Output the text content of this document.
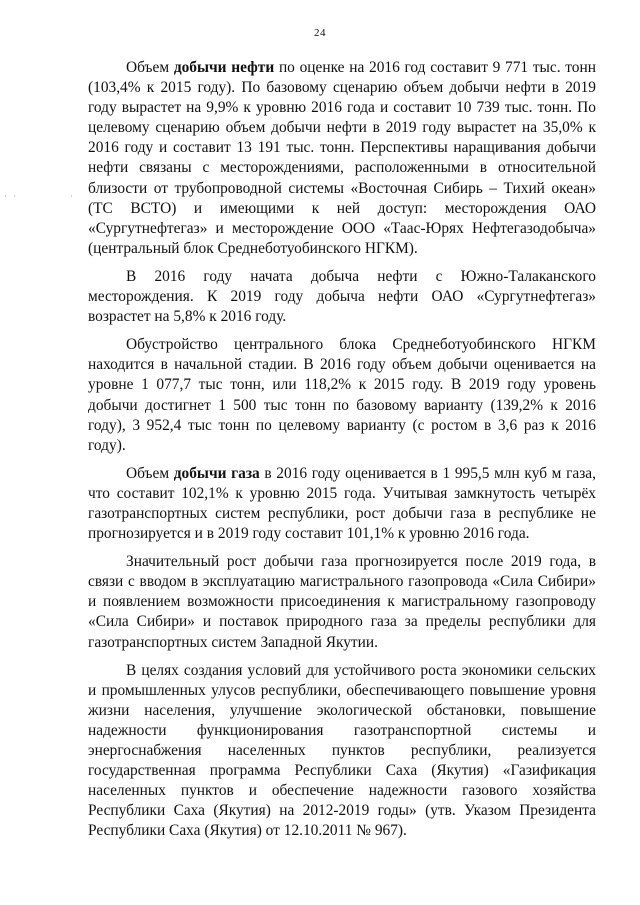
24

Объем добычи нефти по оценке на 2016 год составит 9 771 тыс. тонн (103,4% к 2015 году). По базовому сценарию объем добычи нефти в 2019 году вырастет на 9,9% к уровню 2016 года и составит 10 739 тыс. тонн. По целевому сценарию объем добычи нефти в 2019 году вырастет на 35,0% к 2016 году и составит 13 191 тыс. тонн. Перспективы наращивания добычи нефти связаны с месторождениями, расположенными в относительной близости от трубопроводной системы «Восточная Сибирь – Тихий океан» (ТС ВСТО) и имеющими к ней доступ: месторождения ОАО «Сургутнефтегаз» и месторождение ООО «Таас-Юрях Нефтегазодобыча» (центральный блок Среднеботуобинского НГКМ).

В 2016 году начата добыча нефти с Южно-Талаканского месторождения. К 2019 году добыча нефти ОАО «Сургутнефтегаз» возрастет на 5,8% к 2016 году.

Обустройство центрального блока Среднеботуобинского НГКМ находится в начальной стадии. В 2016 году объем добычи оценивается на уровне 1 077,7 тыс тонн, или 118,2% к 2015 году. В 2019 году уровень добычи достигнет 1 500 тыс тонн по базовому варианту (139,2% к 2016 году), 3 952,4 тыс тонн по целевому варианту (с ростом в 3,6 раз к 2016 году).

Объем добычи газа в 2016 году оценивается в 1 995,5 млн куб м газа, что составит 102,1% к уровню 2015 года. Учитывая замкнутость четырёх газотранспортных систем республики, рост добычи газа в республике не прогнозируется и в 2019 году составит 101,1% к уровню 2016 года.

Значительный рост добычи газа прогнозируется после 2019 года, в связи с вводом в эксплуатацию магистрального газопровода «Сила Сибири» и появлением возможности присоединения к магистральному газопроводу «Сила Сибири» и поставок природного газа за пределы республики для газотранспортных систем Западной Якутии.

В целях создания условий для устойчивого роста экономики сельских и промышленных улусов республики, обеспечивающего повышение уровня жизни населения, улучшение экологической обстановки, повышение надежности функционирования газотранспортной системы и энергоснабжения населенных пунктов республики, реализуется государственная программа Республики Саха (Якутия) «Газификация населенных пунктов и обеспечение надежности газового хозяйства Республики Саха (Якутия) на 2012-2019 годы» (утв. Указом Президента Республики Саха (Якутия) от 12.10.2011 № 967).

· ·	·
